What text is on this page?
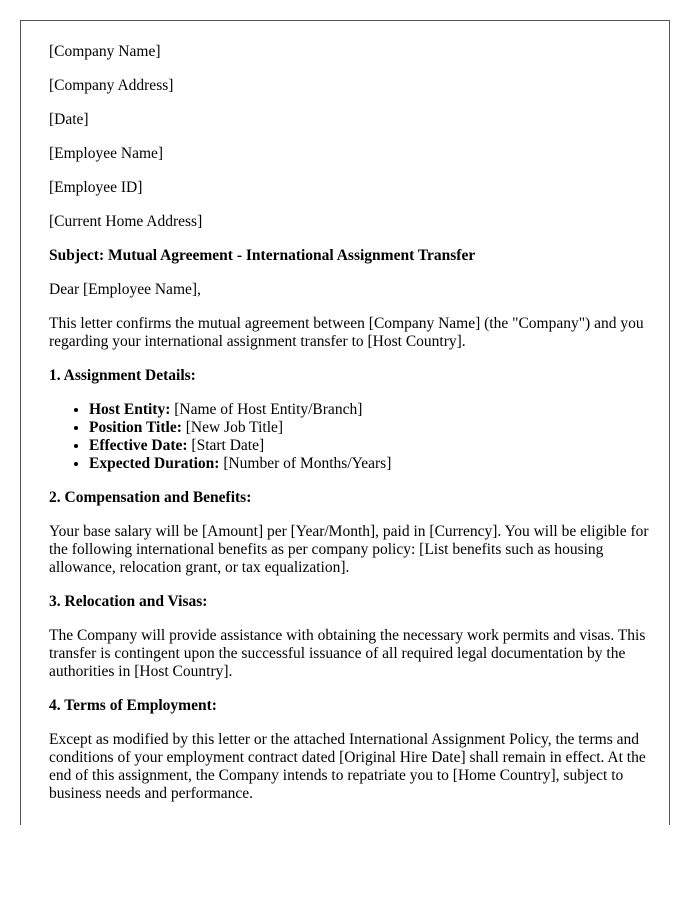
[Company Name]

[Company Address]

[Date]

[Employee Name]

[Employee ID]

[Current Home Address]

Subject: Mutual Agreement - International Assignment Transfer

Dear [Employee Name],

This letter confirms the mutual agreement between [Company Name] (the "Company") and you regarding your international assignment transfer to [Host Country].

1. Assignment Details:
• Host Entity: [Name of Host Entity/Branch]
• Position Title: [New Job Title]
• Effective Date: [Start Date]
• Expected Duration: [Number of Months/Years]
2. Compensation and Benefits:

Your base salary will be [Amount] per [Year/Month], paid in [Currency]. You will be eligible for the following international benefits as per company policy: [List benefits such as housing allowance, relocation grant, or tax equalization].

3. Relocation and Visas:

The Company will provide assistance with obtaining the necessary work permits and visas. This transfer is contingent upon the successful issuance of all required legal documentation by the authorities in [Host Country].

4. Terms of Employment:

Except as modified by this letter or the attached International Assignment Policy, the terms and conditions of your employment contract dated [Original Hire Date] shall remain in effect. At the end of this assignment, the Company intends to repatriate you to [Home Country], subject to business needs and performance.
